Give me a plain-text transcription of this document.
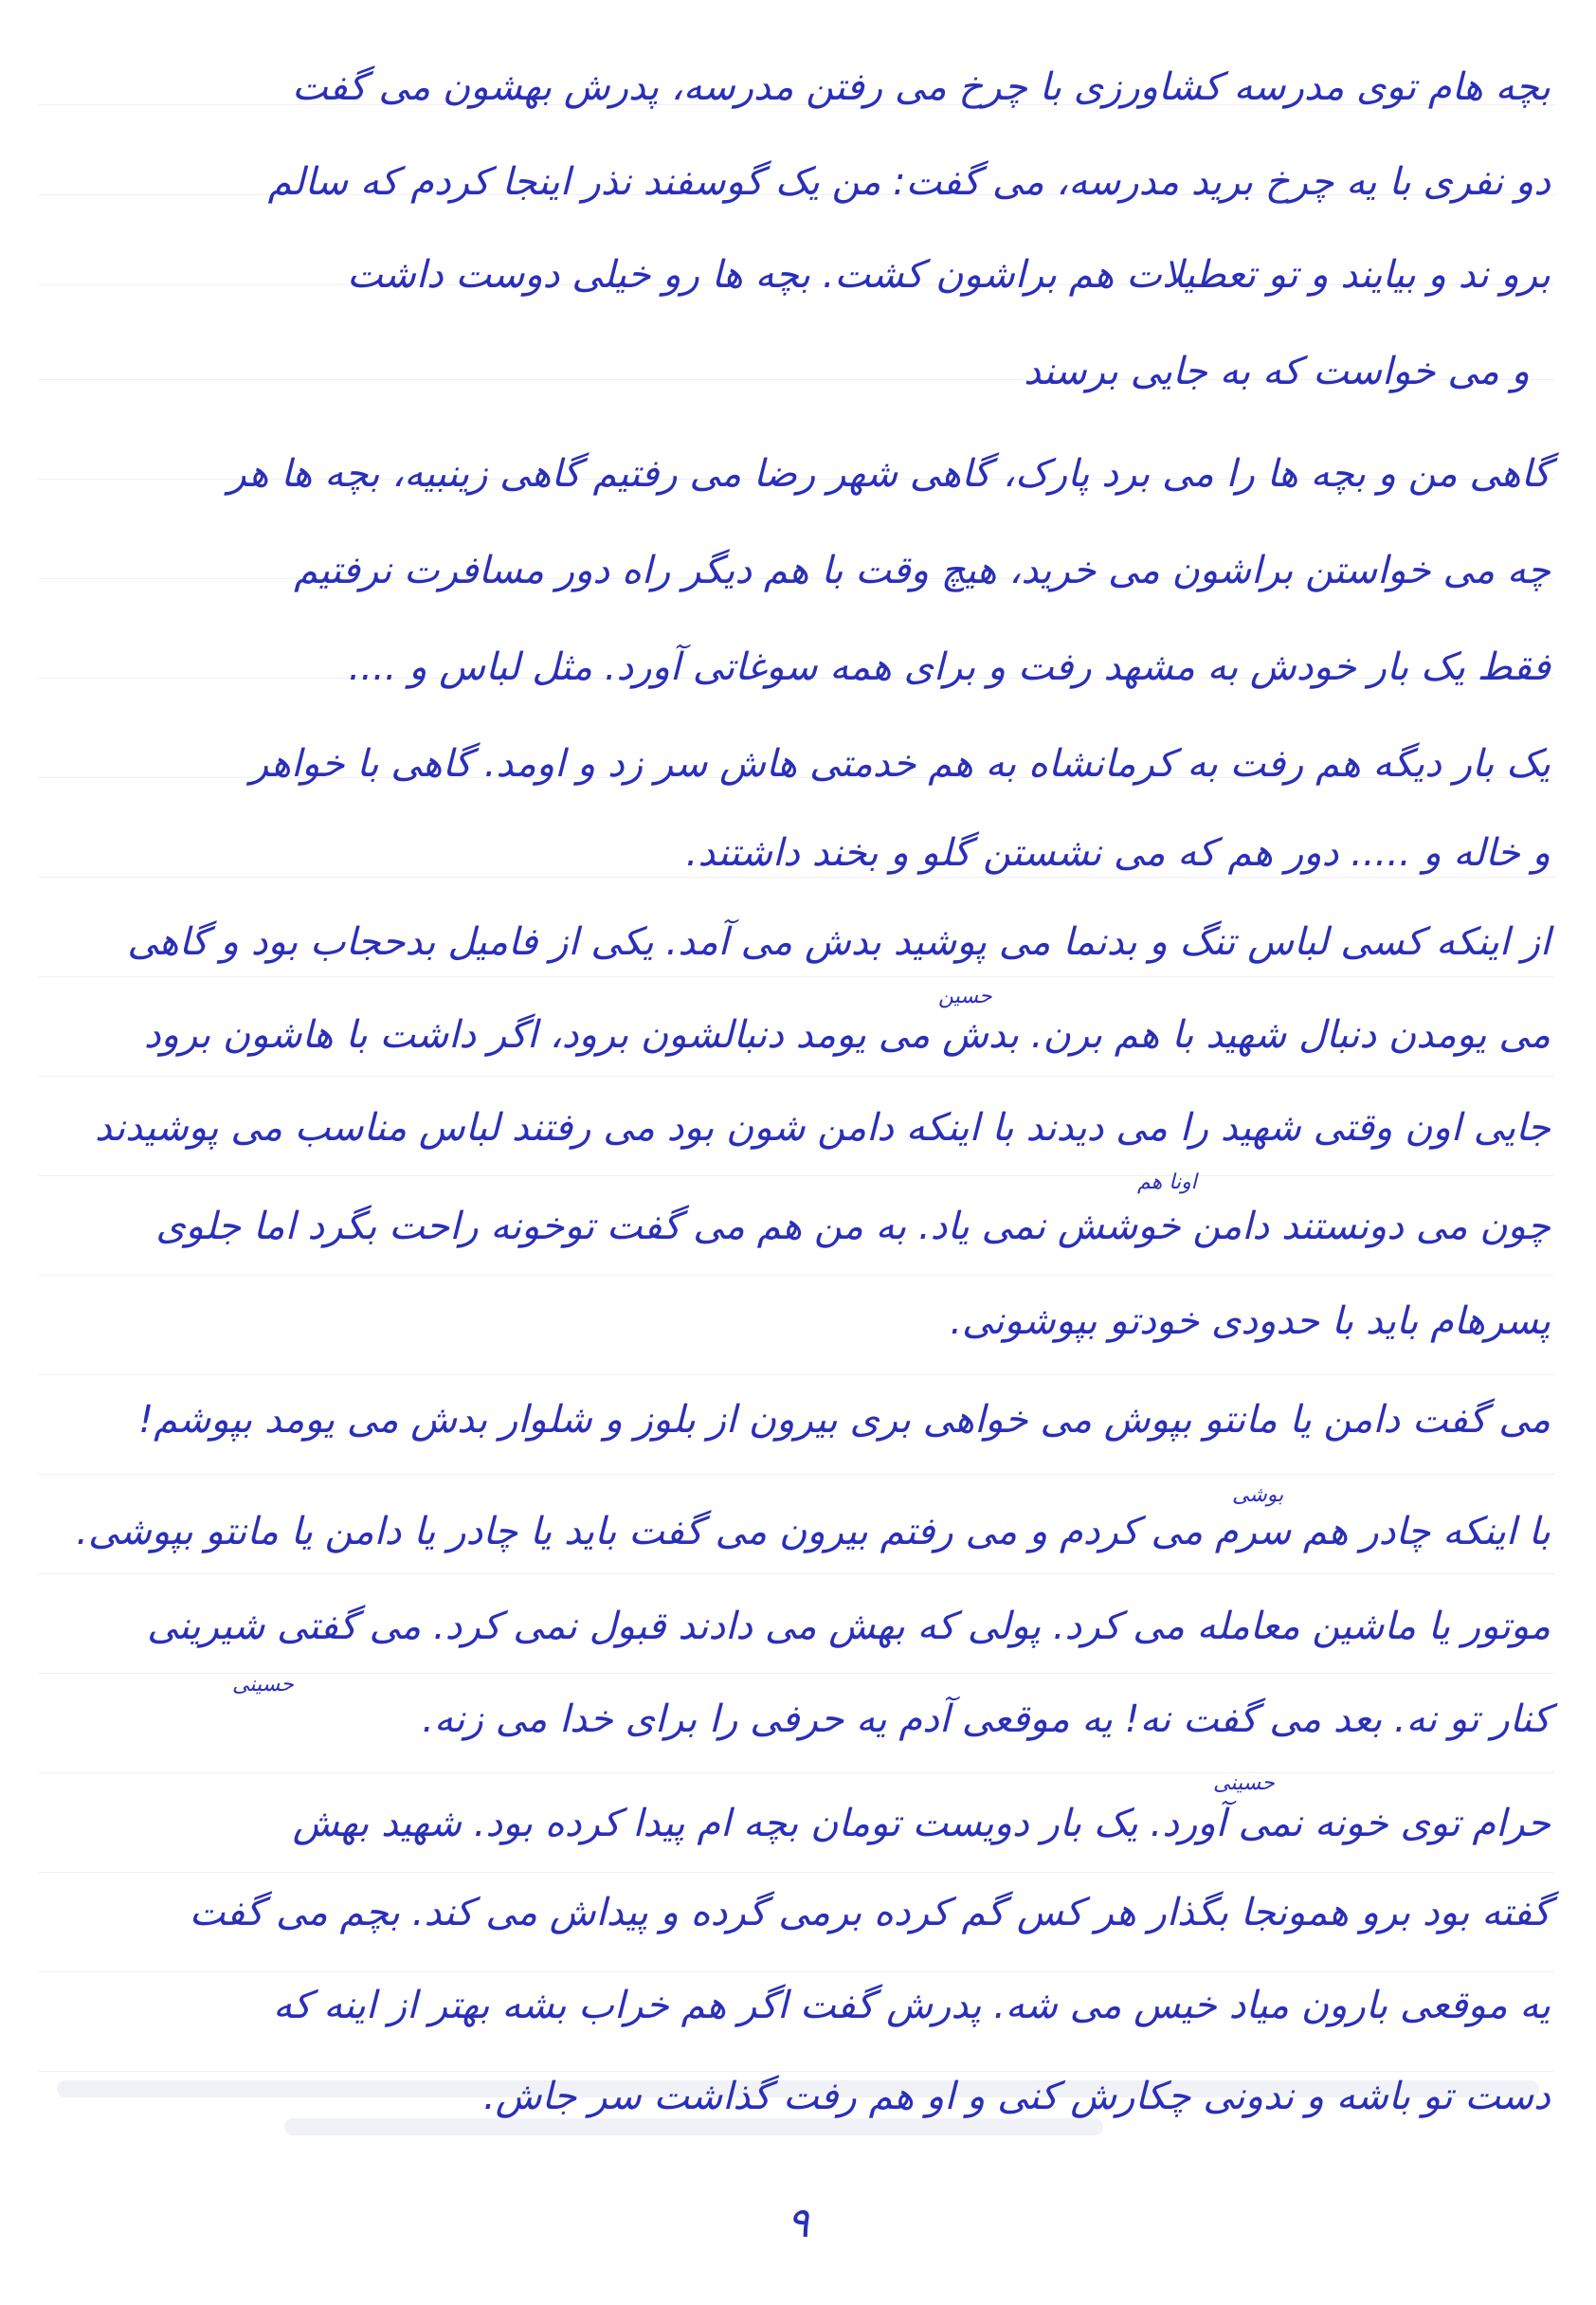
بچه هام توی مدرسه کشاورزی با چرخ می رفتن مدرسه، پدرش بهشون می گفت
دو نفری با یه چرخ برید مدرسه، می گفت: من یک گوسفند نذر اینجا کردم که سالم
برو ند و بیایند و تو تعطیلات هم براشون کشت. بچه ها رو خیلی دوست داشت
و می خواست که به جایی برسند
گاهی من و بچه ها را می برد پارک، گاهی شهر رضا می رفتیم گاهی زینبیه، بچه ها هر
چه می خواستن براشون می خرید، هیچ وقت با هم دیگر راه دور مسافرت نرفتیم
فقط یک بار خودش به مشهد رفت و برای همه سوغاتی آورد. مثل لباس و ....
یک بار دیگه هم رفت به کرمانشاه به هم خدمتی هاش سر زد و اومد. گاهی با خواهر
و خاله و ..... دور هم که می نشستن گلو و بخند داشتند.
از اینکه کسی لباس تنگ و بدنما می پوشید بدش می آمد. یکی از فامیل بدحجاب بود و گاهی
می یومدن دنبال شهید با هم برن. بدش می یومد دنبالشون برود، اگر داشت با هاشون برود
جایی اون وقتی شهید را می دیدند با اینکه دامن شون بود می رفتند لباس مناسب می پوشیدند
چون می دونستند دامن خوشش نمی یاد. به من هم می گفت توخونه راحت بگرد اما جلوی
پسرهام باید با حدودی خودتو بپوشونی.
می گفت دامن یا مانتو بپوش می خواهی بری بیرون از بلوز و شلوار بدش می یومد بپوشم!
با اینکه چادر هم سرم می کردم و می رفتم بیرون می گفت باید یا چادر یا دامن یا مانتو بپوشی.
موتور یا ماشین معامله می کرد. پولی که بهش می دادند قبول نمی کرد. می گفتی شیرینی
کنار تو نه. بعد می گفت نه! یه موقعی آدم یه حرفی را برای خدا می زنه.
حرام توی خونه نمی آورد. یک بار دویست تومان بچه ام پیدا کرده بود. شهید بهش
گفته بود برو همونجا بگذار هر کس گم کرده برمی گرده و پیداش می کند. بچم می گفت
یه موقعی بارون میاد خیس می شه. پدرش گفت اگر هم خراب بشه بهتر از اینه که
دست تو باشه و ندونی چکارش کنی و او هم رفت گذاشت سر جاش.
حسین
اونا هم
حسینی
بوشی
حسینی
۹
